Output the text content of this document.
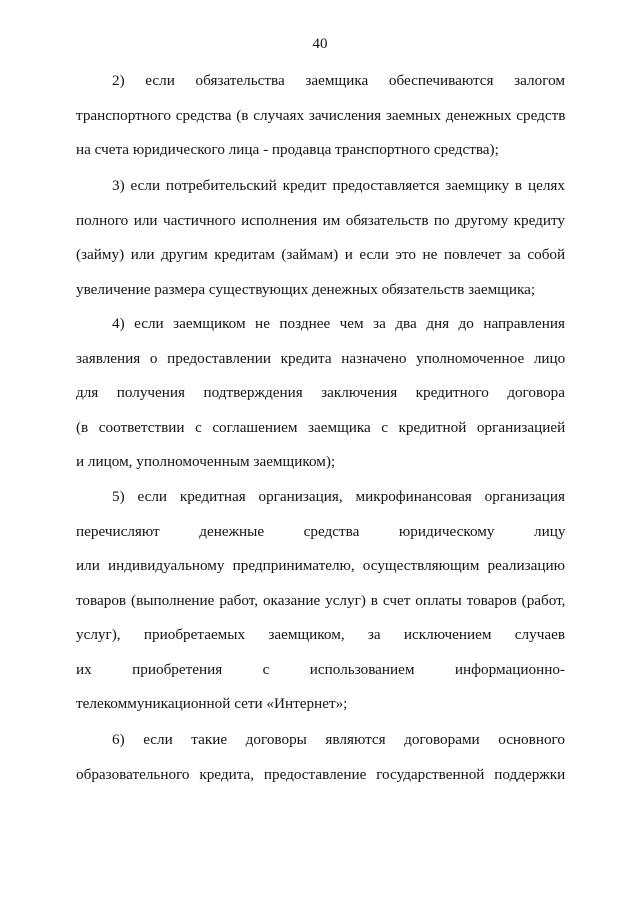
40
2) если обязательства заемщика обеспечиваются залогом
транспортного средства (в случаях зачисления заемных денежных средств
на счета юридического лица - продавца транспортного средства);
3) если потребительский кредит предоставляется заемщику в целях
полного или частичного исполнения им обязательств по другому кредиту
(займу) или другим кредитам (займам) и если это не повлечет за собой
увеличение размера существующих денежных обязательств заемщика;
4) если заемщиком не позднее чем за два дня до направления
заявления о предоставлении кредита назначено уполномоченное лицо
для получения подтверждения заключения кредитного договора
(в соответствии с соглашением заемщика с кредитной организацией
и лицом, уполномоченным заемщиком);
5) если кредитная организация, микрофинансовая организация
перечисляют денежные средства юридическому лицу
или индивидуальному предпринимателю, осуществляющим реализацию
товаров (выполнение работ, оказание услуг) в счет оплаты товаров (работ,
услуг), приобретаемых заемщиком, за исключением случаев
их приобретения с использованием информационно-
телекоммуникационной сети «Интернет»;
6) если такие договоры являются договорами основного
образовательного кредита, предоставление государственной поддержки
